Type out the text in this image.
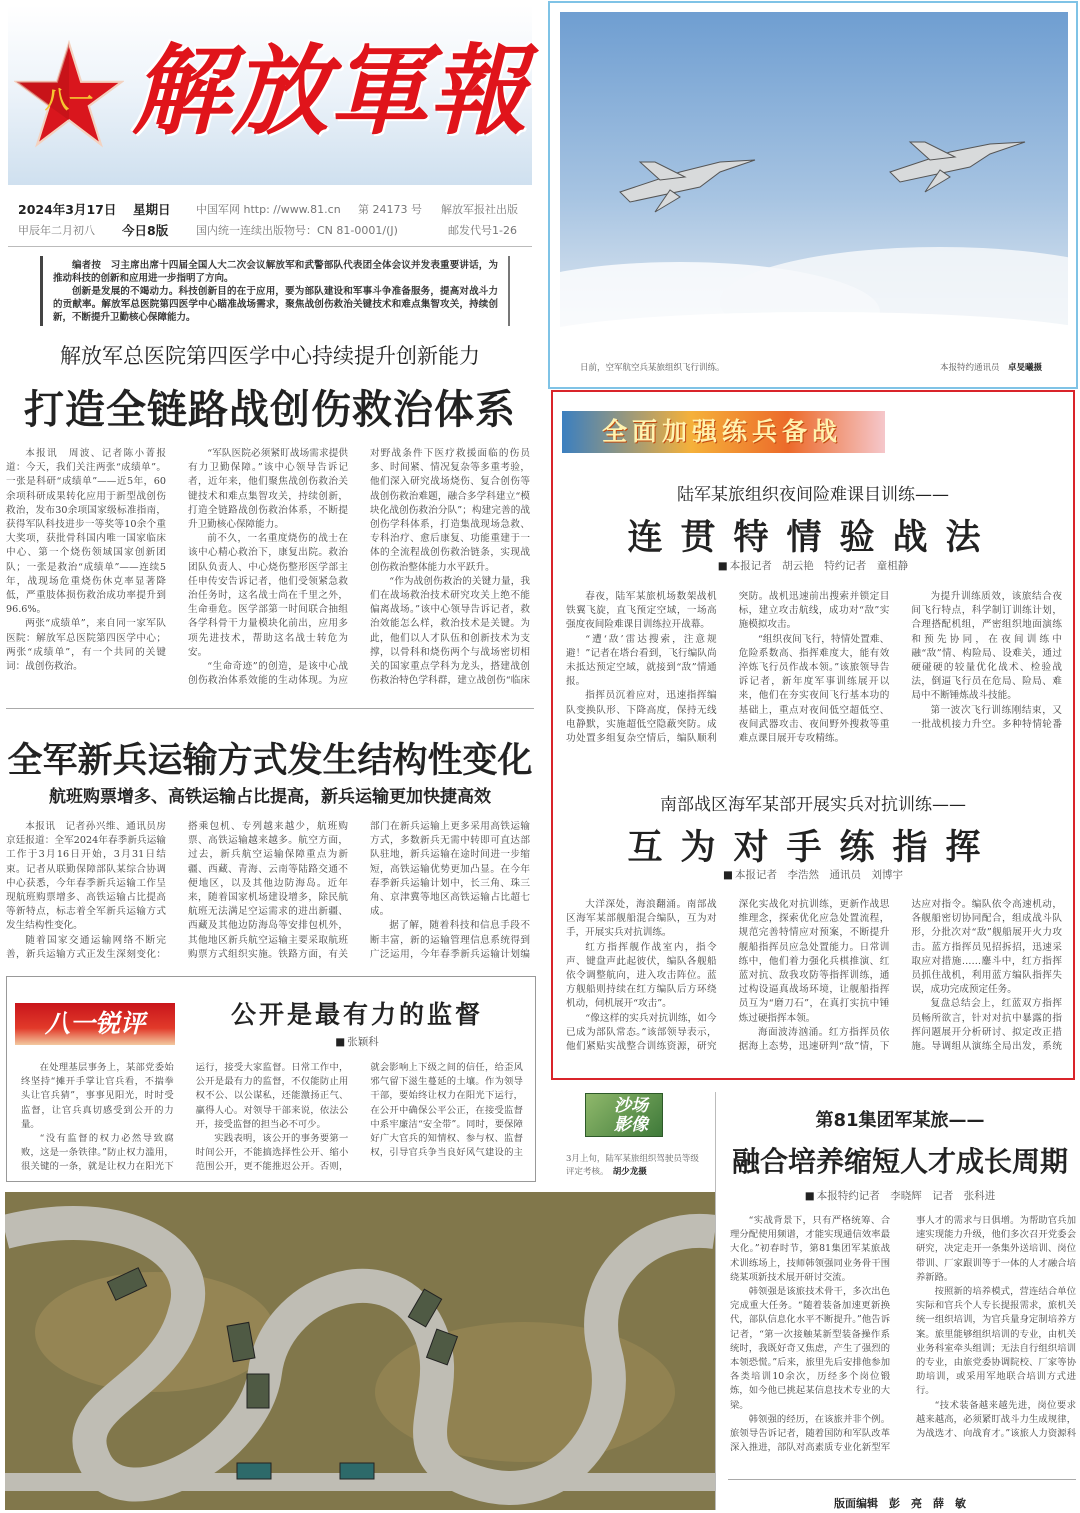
八一 解放軍報
2024年3月17日 星期日 中国军网 http: //www.81.cn 第 24173 号 解放军报社出版
甲辰年二月初八 今日8版	国内统一连续出版物号：CN 81-0001/(J)	邮发代号1-26

编者按　习主席出席十四届全国人大二次会议解放军和武警部队代表团全体会议并发表重要讲话，为推动科技的创新和应用进一步指明了方向。

创新是发展的不竭动力。科技创新目的在于应用，要为部队建设和军事斗争准备服务，提高对战斗力的贡献率。解放军总医院第四医学中心瞄准战场需求，聚焦战创伤救治关键技术和难点集智攻关，持续创新，不断提升卫勤核心保障能力。

解放军总医院第四医学中心持续提升创新能力
打造全链路战创伤救治体系

本报讯　周波、记者陈小菁报道：今天，我们关注两张“成绩单”。一张是科研“成绩单”——近5年，60余项科研成果转化应用于新型战创伤救治，发布30余项国家级标准指南，获得军队科技进步一等奖等10余个重大奖项，获批骨科国内唯一国家临床中心、第一个烧伤领域国家创新团队；一张是救治“成绩单”——连续5年，战现场危重烧伤休克率显著降低，严重肢体损伤救治成功率提升到96.6%。

两张“成绩单”，来自同一家军队医院：解放军总医院第四医学中心；两张“成绩单”，有一个共同的关键词：战创伤救治。

“军队医院必须紧盯战场需求提供有力卫勤保障。”该中心领导告诉记者，近年来，他们聚焦战创伤救治关键技术和难点集智攻关，持续创新，打造全链路战创伤救治体系，不断提升卫勤核心保障能力。

前不久，一名重度烧伤的战士在该中心精心救治下，康复出院。救治团队负责人、中心烧伤整形医学部主任申传安告诉记者，他们受领紧急救治任务时，这名战士尚在千里之外，生命垂危。医学部第一时间联合抽组各学科骨干力量模块化前出，应用多项先进技术，帮助这名战士转危为安。

“生命奇迹”的创造，是该中心战创伤救治体系效能的生动体现。为应对野战条件下医疗救援面临的伤员多、时间紧、情况复杂等多重考验，他们深入研究战场烧伤、复合创伤等战创伤救治难题，融合多学科建立“模块化战创伤救治分队”；构建完善的战创伤学科体系，打造集战现场急救、专科治疗、愈后康复、功能重建于一体的全流程战创伤救治链条，实现战创伤救治整体能力水平跃升。

“作为战创伤救治的关键力量，我们在战场救治技术研究攻关上绝不能偏离战场。”该中心领导告诉记者，救治效能怎么样，救治技术是关键。为此，他们以人才队伍和创新技术为支撑，以骨科和烧伤两个与战场密切相关的国家重点学科为龙头，搭建战创伤救治特色学科群，建立战创伤“临床

全军新兵运输方式发生结构性变化
航班购票增多、高铁运输占比提高，新兵运输更加快捷高效

本报讯　记者孙兴维、通讯员房京廷报道：全军2024年春季新兵运输工作于3月16日开始，3月31日结束。记者从联勤保障部队某综合协调中心获悉，今年春季新兵运输工作呈现航班购票增多、高铁运输占比提高等新特点，标志着全军新兵运输方式发生结构性变化。

随着国家交通运输网络不断完善，新兵运输方式正发生深刻变化：搭乘包机、专列越来越少，航班购票、高铁运输越来越多。航空方面，过去，新兵航空运输保障重点为新疆、西藏、青海、云南等陆路交通不便地区，以及其他边防海岛。近年来，随着国家机场建设增多，除民航航班无法满足空运需求的进出新疆、西藏及其他边防海岛等安排包机外，其他地区新兵航空运输主要采取航班购票方式组织实施。铁路方面，有关部门在新兵运输上更多采用高铁运输方式，多数新兵无需中转即可直达部队驻地，新兵运输在途时间进一步缩短，高铁运输优势更加凸显。在今年春季新兵运输计划中，长三角、珠三角、京津冀等地区高铁运输占比超七成。

据了解，随着科技和信息手段不断丰富，新的运输管理信息系统得到广泛运用，今年春季新兵运输计划编

八一锐评	公开是最有力的监督
■ 张颖科

在处理基层事务上，某部党委始终坚持“摊开手掌让官兵看，不揣拳头让官兵猜”，事事见阳光，时时受监督，让官兵真切感受到公开的力量。

“没有监督的权力必然导致腐败，这是一条铁律。”防止权力滥用，很关键的一条，就是让权力在阳光下运行，接受大家监督。日常工作中，公开是最有力的监督，不仅能防止用权不公、以公谋私，还能激扬正气、赢得人心。对领导干部来说，依法公开，接受监督的担当必不可少。

实践表明，该公开的事务要第一时间公开，不能搞选择性公开、缩小范围公开，更不能推迟公开。否则，就会影响上下级之间的信任，给歪风邪气留下滋生蔓延的土壤。作为领导干部，要始终让权力在阳光下运行，在公开中确保公平公正，在接受监督中系牢廉洁“安全带”。同时，要保障好广大官兵的知情权、参与权、监督权，引导官兵争当良好风气建设的主

日前，空军航空兵某旅组织飞行训练。	本报特约通讯员　 卓旻曦摄
全面加强练兵备战
陆军某旅组织夜间险难课目训练——
连贯特情验战法
■ 本报记者　胡云艳　特约记者　童柤静

春夜，陆军某旅机场数架战机铁翼飞旋，直飞预定空域，一场高强度夜间险难课目训练拉开战幕。

“遭‘敌’雷达搜索，注意规避！”记者在塔台看到，飞行编队尚未抵达预定空域，就接到“敌”情通报。

指挥员沉着应对，迅速指挥编队变换队形、下降高度，保持无线电静默，实施超低空隐蔽突防。成功处置多组复杂空情后，编队顺利突防。战机迅速前出搜索并锁定目标，建立攻击航线，成功对“敌”实施模拟攻击。

“组织夜间飞行，特情处置难、危险系数高、指挥难度大，能有效淬炼飞行员作战本领。”该旅领导告诉记者，新年度军事训练展开以来，他们在夯实夜间飞行基本功的基础上，重点对夜间低空超低空、夜间武器攻击、夜间野外搜救等重难点课目展开专攻精练。

为提升训练质效，该旅结合夜间飞行特点，科学制订训练计划，合理搭配机组，严密组织地面演练和预先协同，在夜间训练中融“敌”情、构险局、设难关，通过硬碰硬的较量优化战术、检验战法，倒逼飞行员在危局、险局、难局中不断锤炼战斗技能。

第一波次飞行训练刚结束，又一批战机接力升空。多种特情轮番

南部战区海军某部开展实兵对抗训练——
互为对手练指挥
■ 本报记者　李浩然　通讯员　刘博宇

大洋深处，海浪翻涌。南部战区海军某部舰船混合编队，互为对手，开展实兵对抗训练。

红方指挥舰作战室内，指令声、键盘声此起彼伏，编队各舰船依令调整航向，进入攻击阵位。蓝方舰船则持续在红方编队后方环绕机动，伺机展开“攻击”。

“像这样的实兵对抗训练，如今已成为部队常态。”该部领导表示，他们紧贴实战整合训练资源，研究深化实战化对抗训练，更新作战思维理念，探索优化应急处置流程，规范完善特情应对预案，不断提升舰船指挥员应急处置能力。日常训练中，他们着力强化兵棋推演、红蓝对抗、敌我攻防等指挥训练，通过构设逼真战场环境，让舰船指挥员互为“磨刀石”，在真打实抗中锤炼过硬指挥本领。

海面波涛汹涌。红方指挥员依据海上态势，迅速研判“敌”情，下达应对指令。编队依令高速机动，各舰船密切协同配合，组成战斗队形，分批次对“敌”舰船展开火力攻击。蓝方指挥员见招拆招，迅速采取应对措施……鏖斗中，红方指挥员抓住战机，利用蓝方编队指挥失误，成功完成预定任务。

复盘总结会上，红蓝双方指挥员畅所欲言，针对对抗中暴露的指挥问题展开分析研讨、拟定改正措施。导调组从演练全局出发，系统

沙场影像
3月上旬，陆军某旅组织驾驶员等级评定考核。　 胡少龙摄
第81集团军某旅——
融合培养缩短人才成长周期
■ 本报特约记者　李晓辉　记者　张科进

“实战背景下，只有严格统筹、合理分配使用频谱，才能实现通信效率最大化。”初春时节，第81集团军某旅战术训练场上，技师韩领强同业务骨干围绕某项新技术展开研讨交流。

韩领强是该旅技术骨干，多次出色完成重大任务。“随着装备加速更新换代，部队信息化水平不断提升。”他告诉记者，“第一次接触某新型装备操作系统时，我既好奇又焦虑，产生了强烈的本领恐慌。”后来，旅里先后安排他参加各类培训10余次，历经多个岗位锻炼，如今他已挑起某信息技术专业的大梁。

韩领强的经历，在该旅并非个例。旅领导告诉记者，随着国防和军队改革深入推进，部队对高素质专业化新型军事人才的需求与日俱增。为帮助官兵加速实现能力升级，他们多次召开党委会研究，决定走开一条集外送培训、岗位带训、厂家跟训等于一体的人才融合培养新路。

按照新的培养模式，营连结合单位实际和官兵个人专长提报需求，旅机关统一组织培训，为官兵量身定制培养方案。旅里能够组织培训的专业，由机关业务科室牵头组训；无法自行组织培训的专业，由旅党委协调院校、厂家等协助培训，或采用军地联合培训方式进行。

“技术装备越来越先进，岗位要求越来越高，必须紧盯战斗力生成规律，为战选才、向战育才。”该旅人力资源科

版面编辑　彭　亮　薛　敏
